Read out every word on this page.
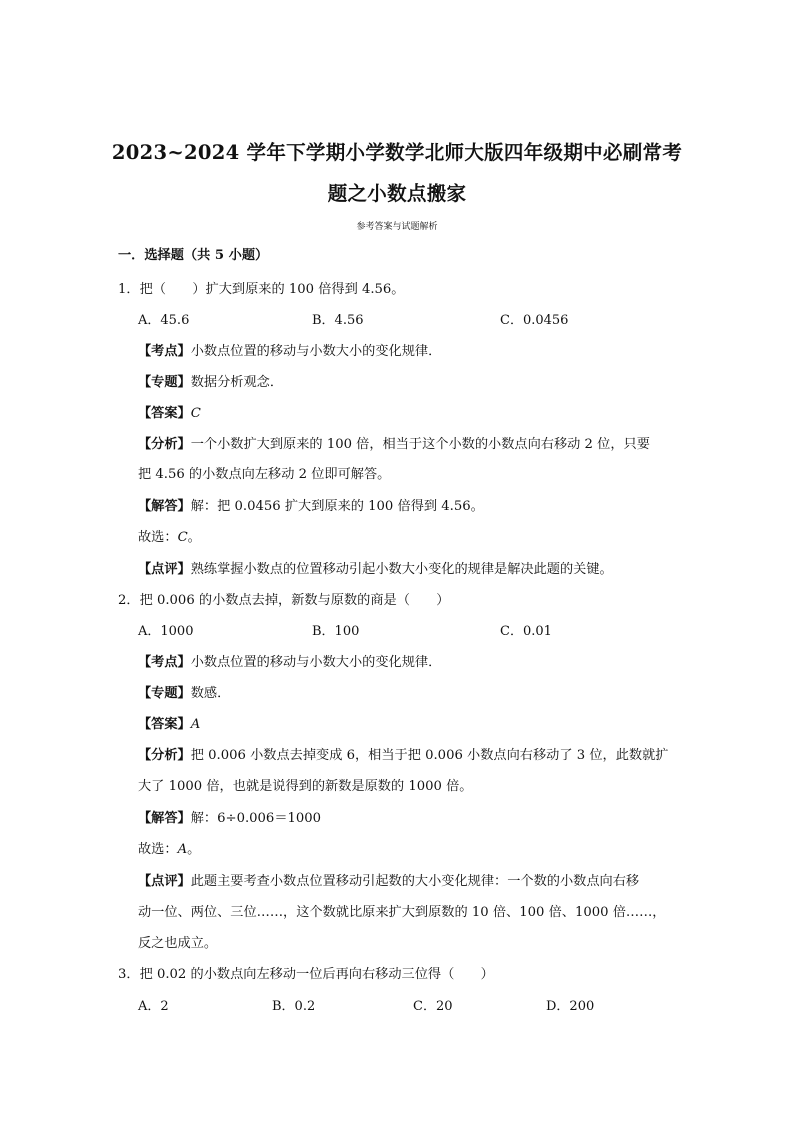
2023~2024 学年下学期小学数学北师大版四年级期中必刷常考
题之小数点搬家
参考答案与试题解析
一．选择题（共 5 小题）
1．把（　　）扩大到原来的 100 倍得到 4.56。
A．45.6	B．4.56	C．0.0456
【考点】小数点位置的移动与小数大小的变化规律．
【专题】数据分析观念．
【答案】C
【分析】一个小数扩大到原来的 100 倍，相当于这个小数的小数点向右移动 2 位，只要
把 4.56 的小数点向左移动 2 位即可解答。
【解答】解：把 0.0456 扩大到原来的 100 倍得到 4.56。
故选：C。
【点评】熟练掌握小数点的位置移动引起小数大小变化的规律是解决此题的关键。
2．把 0.006 的小数点去掉，新数与原数的商是（　　）
A．1000	B．100	C．0.01
【考点】小数点位置的移动与小数大小的变化规律．
【专题】数感．
【答案】A
【分析】把 0.006 小数点去掉变成 6，相当于把 0.006 小数点向右移动了 3 位，此数就扩
大了 1000 倍，也就是说得到的新数是原数的 1000 倍。
【解答】解：6÷0.006＝1000
故选：A。
【点评】此题主要考查小数点位置移动引起数的大小变化规律：一个数的小数点向右移
动一位、两位、三位……，这个数就比原来扩大到原数的 10 倍、100 倍、1000 倍……，
反之也成立。
3．把 0.02 的小数点向左移动一位后再向右移动三位得（　　）
A．2	B．0.2	C．20	D．200
